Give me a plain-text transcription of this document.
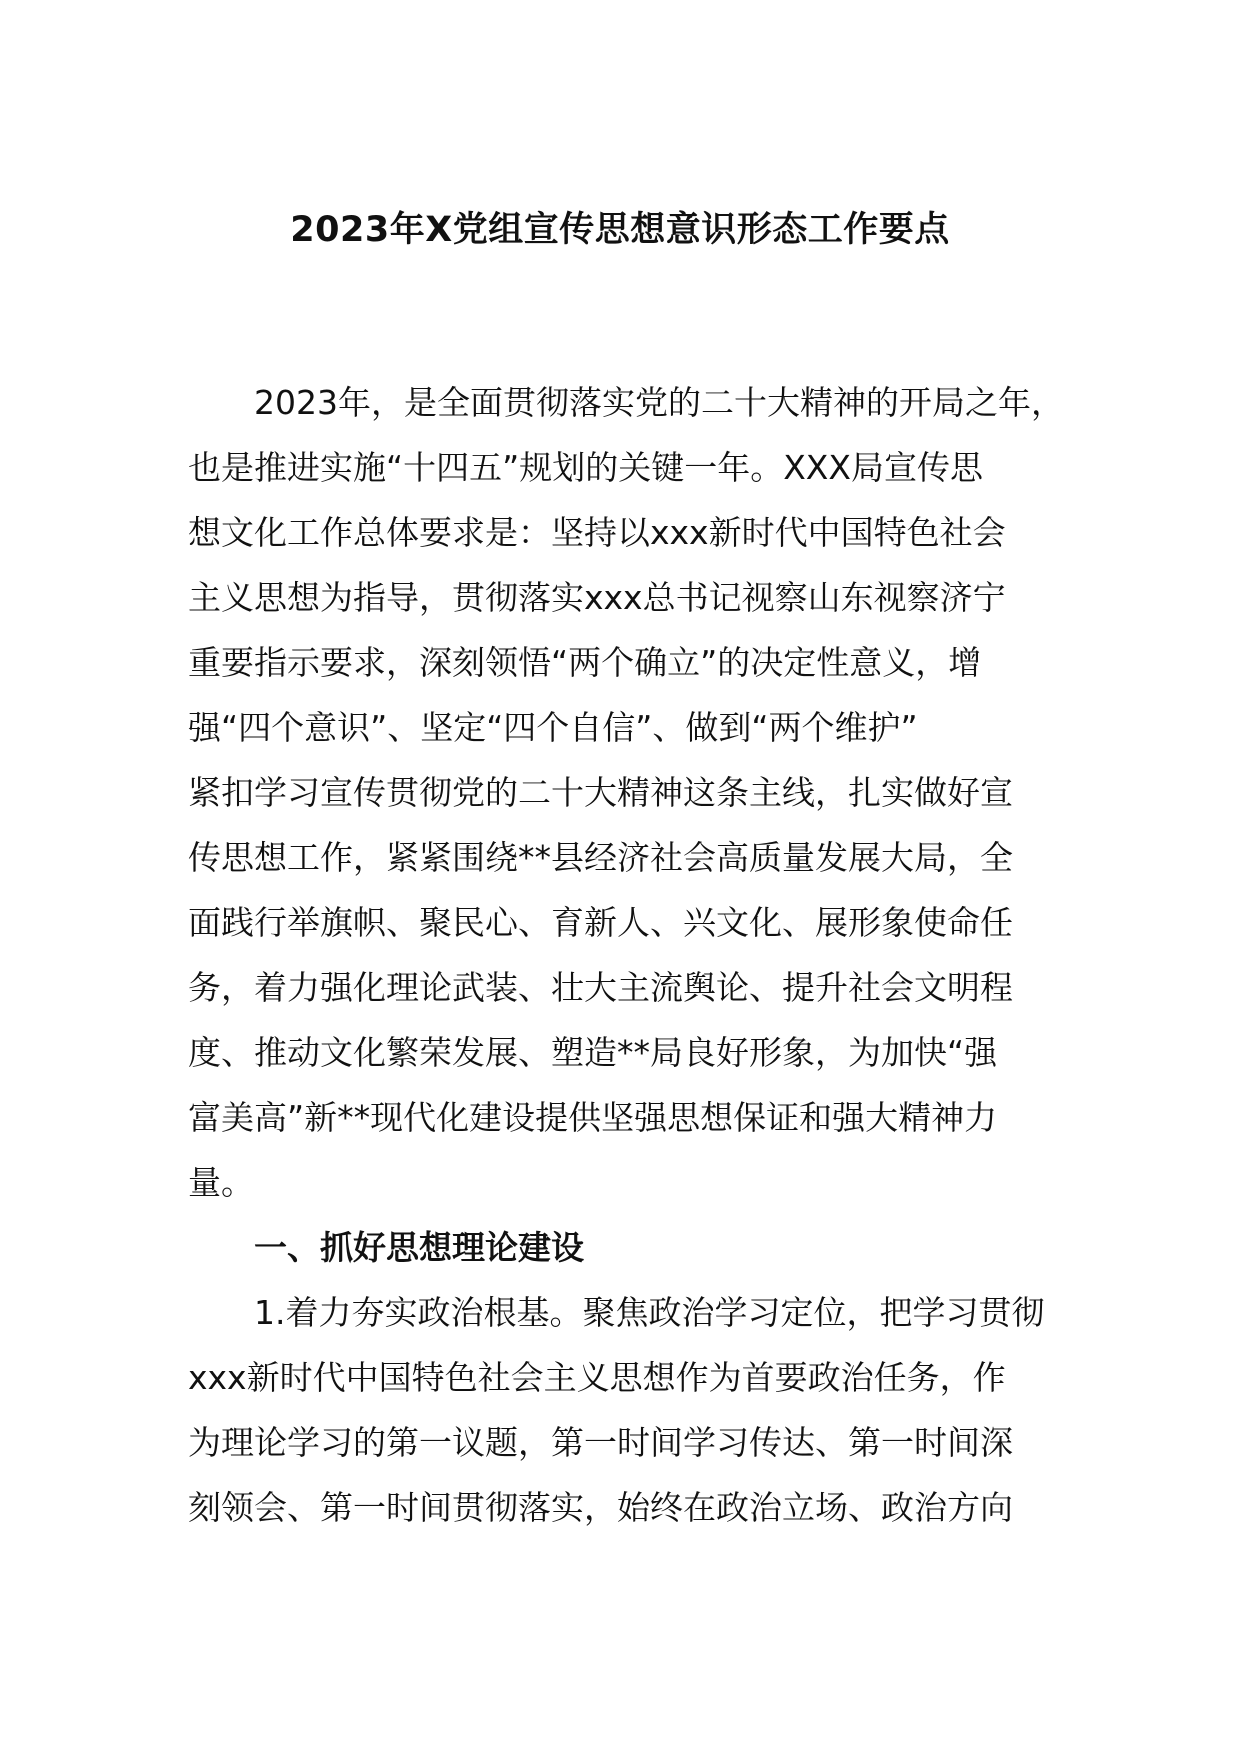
2023年X党组宣传思想意识形态工作要点

2023年，是全面贯彻落实党的二十大精神的开局之年，
也是推进实施“十四五”规划的关键一年。XXX局宣传思
想文化工作总体要求是：坚持以xxx新时代中国特色社会
主义思想为指导，贯彻落实xxx总书记视察山东视察济宁
重要指示要求，深刻领悟“两个确立”的决定性意义，增
强“四个意识”、坚定“四个自信”、做到“两个维护”
紧扣学习宣传贯彻党的二十大精神这条主线，扎实做好宣
传思想工作，紧紧围绕**县经济社会高质量发展大局，全
面践行举旗帜、聚民心、育新人、兴文化、展形象使命任
务，着力强化理论武装、壮大主流舆论、提升社会文明程
度、推动文化繁荣发展、塑造**局良好形象，为加快“强
富美高”新**现代化建设提供坚强思想保证和强大精神力
量。

一、抓好思想理论建设

1.着力夯实政治根基。聚焦政治学习定位，把学习贯彻
xxx新时代中国特色社会主义思想作为首要政治任务，作
为理论学习的第一议题，第一时间学习传达、第一时间深
刻领会、第一时间贯彻落实，始终在政治立场、政治方向
